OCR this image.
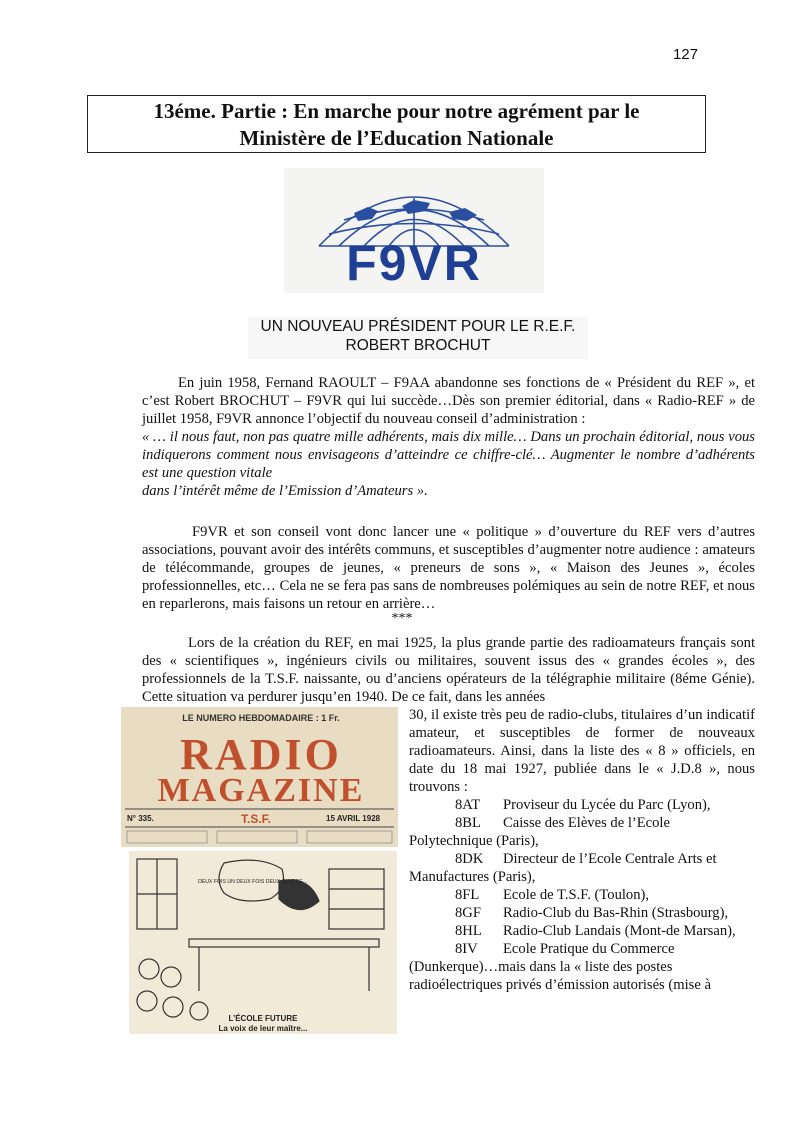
127
13éme. Partie : En marche pour notre agrément par le
Ministère de l’Education Nationale
F9VR
UN NOUVEAU PRÉSIDENT POUR LE R.E.F.
ROBERT BROCHUT

En juin 1958, Fernand RAOULT – F9AA abandonne ses fonctions de « Président du REF », et c’est Robert BROCHUT – F9VR qui lui succède…Dès son premier éditorial, dans « Radio-REF » de juillet 1958, F9VR annonce l’objectif du nouveau conseil d’administration :
« … il nous faut, non pas quatre mille adhérents, mais dix mille… Dans un prochain éditorial, nous vous indiquerons comment nous envisageons d’atteindre ce chiffre-clé… Augmenter le nombre d’adhérents est une question vitale
dans l’intérêt même de l’Emission d’Amateurs ».

F9VR et son conseil vont donc lancer une « politique » d’ouverture du REF vers d’autres associations, pouvant avoir des intérêts communs, et susceptibles d’augmenter notre audience : amateurs de télécommande, groupes de jeunes, « preneurs de sons », « Maison des Jeunes », écoles professionnelles, etc… Cela ne se fera pas sans de nombreuses polémiques au sein de notre REF, et nous en reparlerons, mais faisons un retour en arrière…

***

Lors de la création du REF, en mai 1925, la plus grande partie des radioamateurs français sont des « scientifiques », ingénieurs civils ou militaires, souvent issus des « grandes écoles », des professionnels de la T.S.F. naissante, ou d’anciens opérateurs de la télégraphie militaire (8éme Génie). Cette situation va perdurer jusqu’en 1940. De ce fait, dans les années

30, il existe très peu de radio-clubs, titulaires d’un indicatif amateur, et susceptibles de former de nouveaux radioamateurs. Ainsi, dans la liste des « 8 » officiels, en date du 18 mai 1927, publiée dans le « J.D.8 », nous trouvons :

8AT Proviseur du Lycée du Parc (Lyon),
8BL Caisse des Elèves de l’Ecole Polytechnique (Paris),
8DK Directeur de l’Ecole Centrale Arts et Manufactures (Paris),
8FL Ecole de T.S.F. (Toulon),
8GF Radio-Club du Bas-Rhin (Strasbourg),
8HL Radio-Club Landais (Mont-de Marsan),
8IV Ecole Pratique du Commerce (Dunkerque)…mais dans la « liste des postes radioélectriques privés d’émission autorisés (mise à
LE NUMERO HEBDOMADAIRE : 1 Fr.
RADIO
MAGAZINE
N° 335.	T.S.F.	15 AVRIL 1928
DEUX FOIS UN DEUX FOIS DEUX QUATRE…
L’ÉCOLE FUTURE
La voix de leur maître...
